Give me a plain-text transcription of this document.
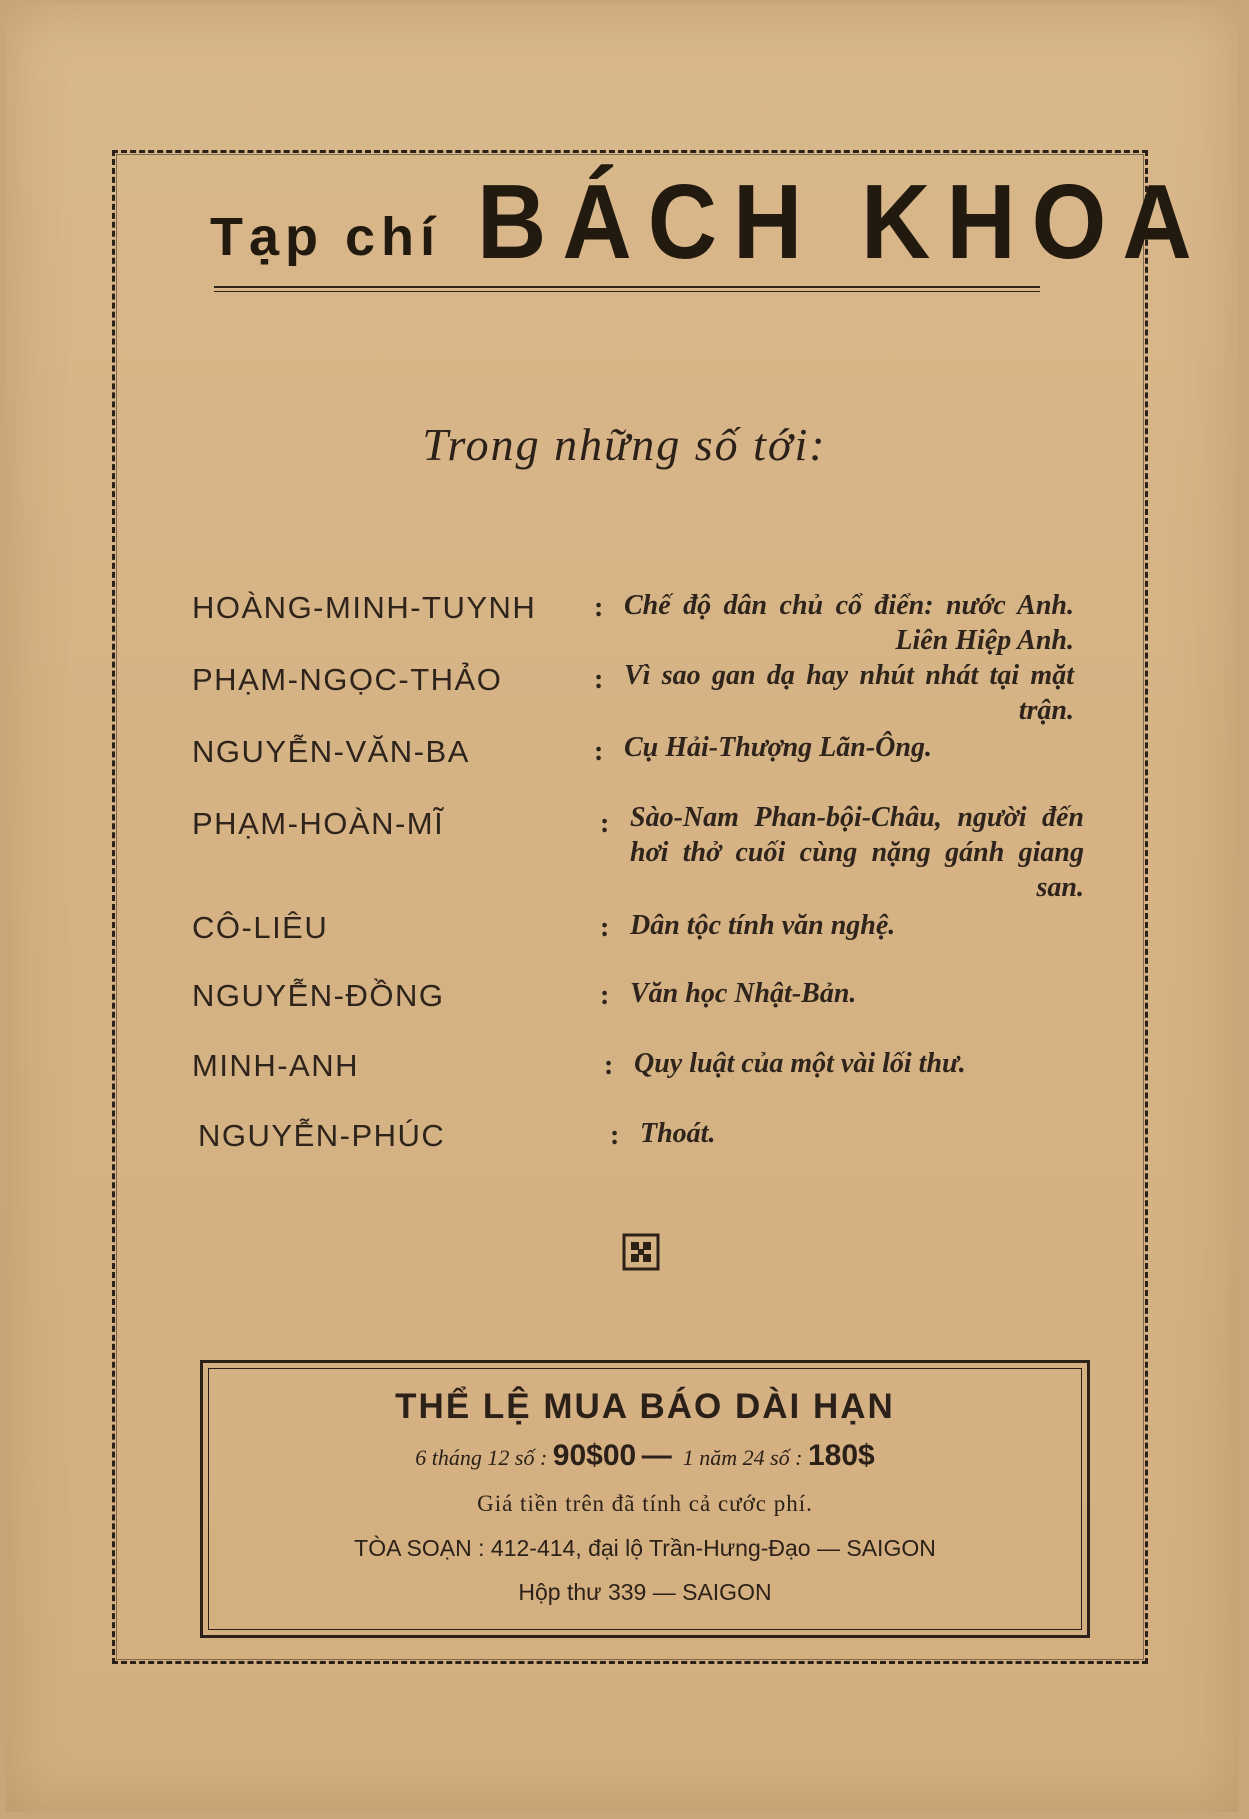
Tạp chí BÁCH KHOA
Trong những số tới:
HOÀNG-MINH-TUYNH : Chế độ dân chủ cổ điển: nước Anh. Liên Hiệp Anh.
PHẠM-NGỌC-THẢO	: Vì sao gan dạ hay nhút nhát tại mặt trận.
NGUYỄN-VĂN-BA	: Cụ Hải-Thượng Lãn-Ông.
PHẠM-HOÀN-MĨ	: Sào-Nam Phan-bội-Châu, người đến hơi thở cuối cùng nặng gánh giang san.
CÔ-LIÊU	: Dân tộc tính văn nghệ.
NGUYỄN-ĐỒNG	: Văn học Nhật-Bản.
MINH-ANH	: Quy luật của một vài lối thư.
NGUYỄN-PHÚC	: Thoát.
THỂ LỆ MUA BÁO DÀI HẠN
6 tháng 12 số : 90$00 — 1 năm 24 số : 180$
Giá tiền trên đã tính cả cước phí.
TÒA SOẠN : 412-414, đại lộ Trần-Hưng-Đạo — SAIGON
Hộp thư 339 — SAIGON
